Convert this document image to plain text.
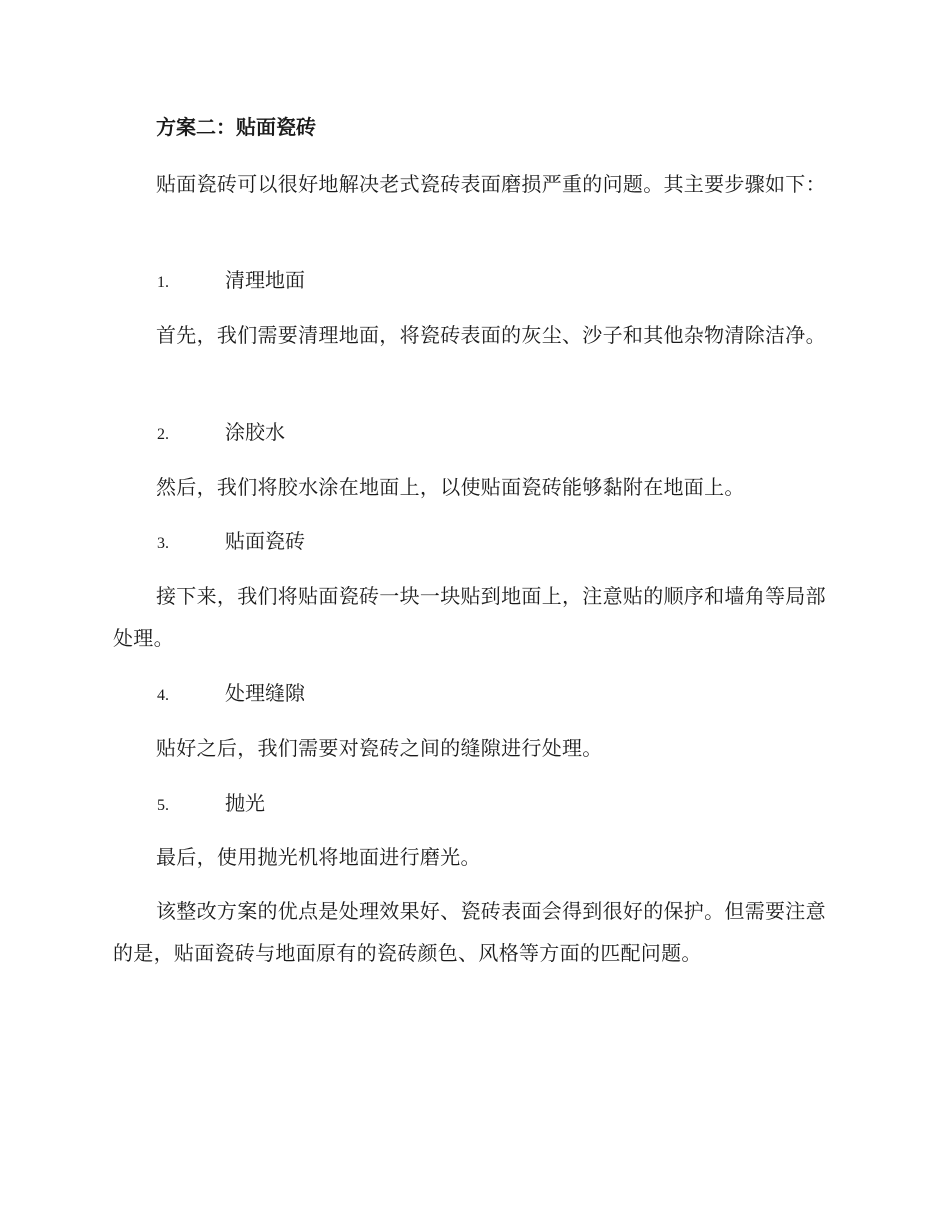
方案二：贴面瓷砖

贴面瓷砖可以很好地解决老式瓷砖表面磨损严重的问题。其主要步骤如下：

1.	清理地面

首先，我们需要清理地面，将瓷砖表面的灰尘、沙子和其他杂物清除洁净。

2.	涂胶水

然后，我们将胶水涂在地面上，以使贴面瓷砖能够黏附在地面上。

3.	贴面瓷砖

接下来，我们将贴面瓷砖一块一块贴到地面上，注意贴的顺序和墙角等局部处理。

4.	处理缝隙

贴好之后，我们需要对瓷砖之间的缝隙进行处理。

5.	抛光

最后，使用抛光机将地面进行磨光。

该整改方案的优点是处理效果好、瓷砖表面会得到很好的保护。但需要注意的是，贴面瓷砖与地面原有的瓷砖颜色、风格等方面的匹配问题。
